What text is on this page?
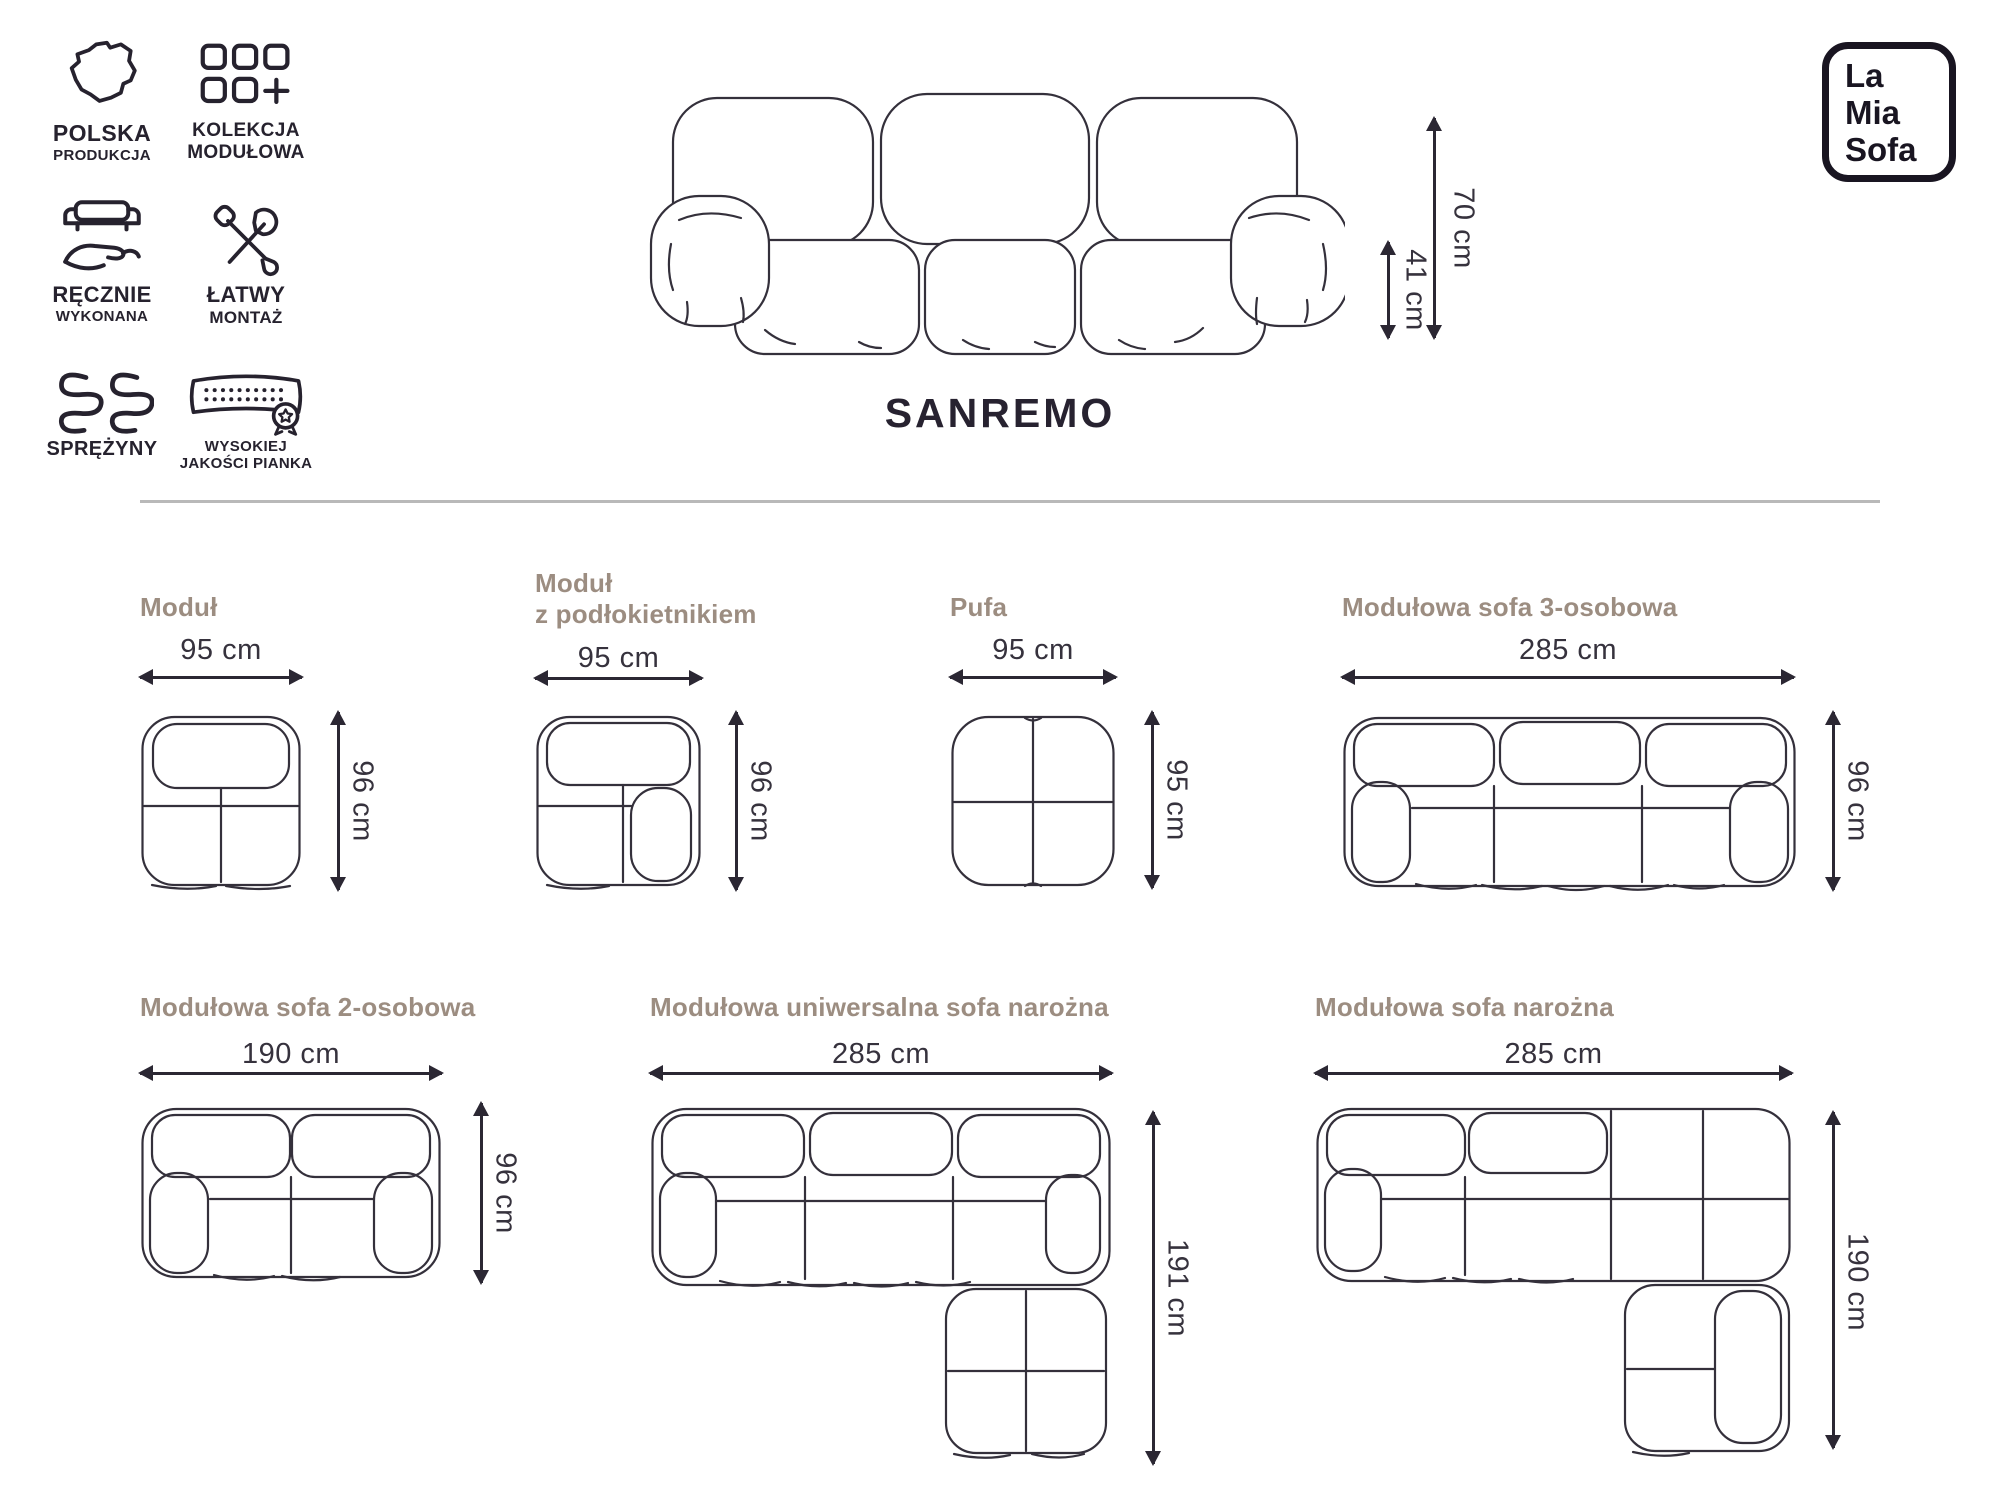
POLSKA
PRODUKCJA
KOLEKCJA
MODUŁOWA
RĘCZNIE
WYKONANA
ŁATWY
MONTAŻ
SPRĘŻYNY	WYSOKIEJ
JAKOŚCI PIANKA
La
Mia
Sofa
41 cm
70 cm
SANREMO
Moduł
95 cm
96 cm
Moduł
z podłokietnikiem
95 cm
96 cm
Pufa
95 cm
95 cm
Modułowa sofa 3-osobowa
285 cm
96 cm
Modułowa sofa 2-osobowa
190 cm
96 cm
Modułowa uniwersalna sofa narożna
285 cm
191 cm
Modułowa sofa narożna
285 cm
190 cm
